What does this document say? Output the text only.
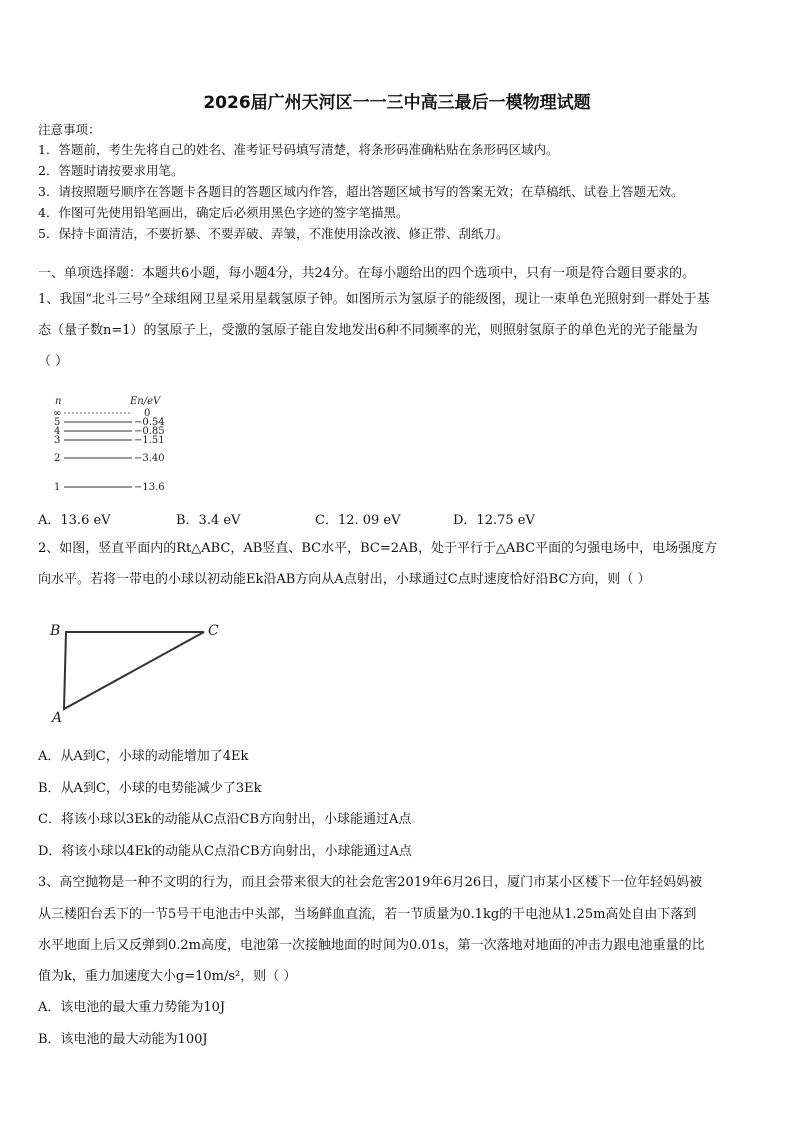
2026届广州天河区一一三中高三最后一模物理试题
注意事项：
1．答题前，考生先将自己的姓名、准考证号码填写清楚，将条形码准确粘贴在条形码区域内。
2．答题时请按要求用笔。
3．请按照题号顺序在答题卡各题目的答题区域内作答，超出答题区域书写的答案无效；在草稿纸、试卷上答题无效。
4．作图可先使用铅笔画出，确定后必须用黑色字迹的签字笔描黑。
5．保持卡面清洁，不要折暴、不要弄破、弄皱，不准使用涂改液、修正带、刮纸刀。
一、单项选择题：本题共6小题，每小题4分，共24分。在每小题给出的四个选项中，只有一项是符合题目要求的。
1、我国“北斗三号”全球组网卫星采用星载氢原子钟。如图所示为氢原子的能级图，现让一束单色光照射到一群处于基
态（量子数n=1）的氢原子上，受激的氢原子能自发地发出6种不同频率的光，则照射氢原子的单色光的光子能量为
（ ）
n	En/eV
∞
5
4
3
2
1
0
−0.54
−0.85
−1.51
−3.40
−13.6
A．13.6 eV	B．3.4 eV	C．12. 09 eV	D．12.75 eV
2、如图，竖直平面内的Rt△ABC，AB竖直、BC水平，BC=2AB，处于平行于△ABC平面的匀强电场中，电场强度方
向水平。若将一带电的小球以初动能Ek沿AB方向从A点射出，小球通过C点时速度恰好沿BC方向，则（ ）
B	C
A
A．从A到C，小球的动能增加了4Ek
B．从A到C，小球的电势能减少了3Ek
C．将该小球以3Ek的动能从C点沿CB方向射出，小球能通过A点
D．将该小球以4Ek的动能从C点沿CB方向射出，小球能通过A点
3、高空抛物是一种不文明的行为，而且会带来很大的社会危害2019年6月26日，厦门市某小区楼下一位年轻妈妈被
从三楼阳台丢下的一节5号干电池击中头部，当场鲜血直流，若一节质量为0.1kg的干电池从1.25m高处自由下落到
水平地面上后又反弹到0.2m高度，电池第一次接触地面的时间为0.01s，第一次落地对地面的冲击力跟电池重量的比
值为k，重力加速度大小g=10m/s²，则（ ）
A．该电池的最大重力势能为10J
B．该电池的最大动能为100J
